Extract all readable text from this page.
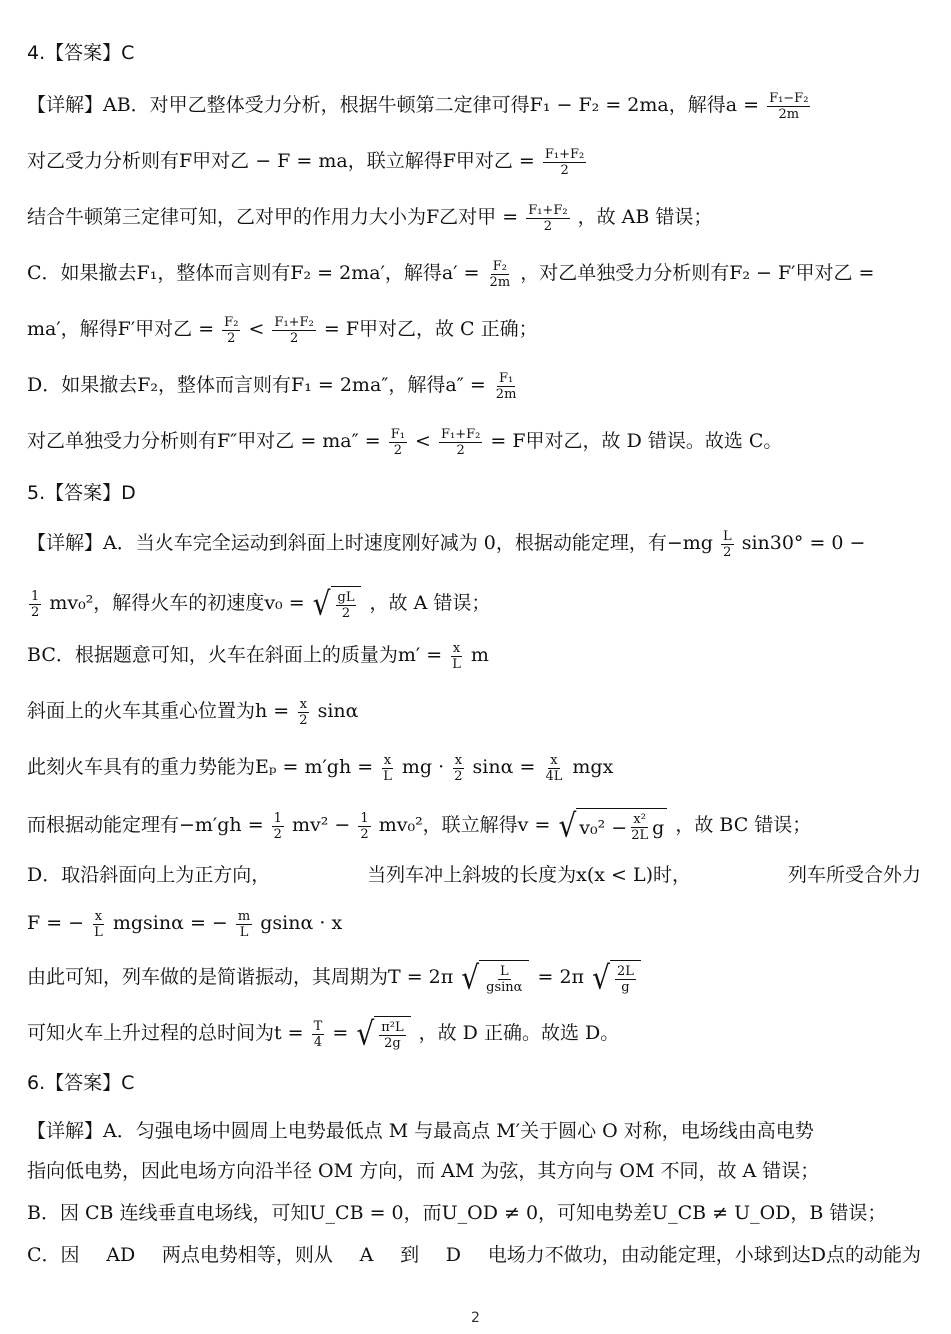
4.【答案】C
【详解】AB．对甲乙整体受力分析，根据牛顿第二定律可得F₁ − F₂ = 2ma，解得$a = \frac{\text{F₁−F₂}}{2m}$
对乙受力分析则有F甲对乙 − F = ma，联立解得F甲对乙 = $\frac{\text{F₁+F₂}}{2}$
结合牛顿第三定律可知，乙对甲的作用力大小为F乙对甲 = $\frac{\text{F₁+F₂}}{2}$ ，故 AB 错误；
C．如果撤去F₁，整体而言则有F₂ = 2ma′，解得$a' = \frac{\text{F₂}}{2m}$ ，对乙单独受力分析则有F₂ − F′甲对乙 =
ma′，解得F′甲对乙 = $\frac{\text{F₂}}{2} < \frac{\text{F₁+F₂}}{2} = F$甲对乙，故 C 正确；
D．如果撤去F₂，整体而言则有F₁ = 2ma″，解得$a'' = \frac{\text{F₁}}{2m}$
对乙单独受力分析则有F″甲对乙 = $ma'' = \frac{\text{F₁}}{2} < \frac{\text{F₁+F₂}}{2} = F$甲对乙，故 D 错误。故选 C。
5.【答案】D
【详解】A．当火车完全运动到斜面上时速度刚好减为 0，根据动能定理，有$-mg \frac{L}{2} \sin 30^\circ = 0$ −
$\frac{1}{2} mv_0^2$，解得火车的初速度v₀ = √ $\frac{gL}{2}$ ，故 A 错误；
BC．根据题意可知，火车在斜面上的质量为$m' = \frac{x}{L}$ m
斜面上的火车其重心位置为$h = \frac{x}{2}$ sinα
此刻火车具有的重力势能为$E_p = m'gh = \frac{x}{L}$ mg · $\frac{x}{2}$ $\sin\alpha = \frac{x}{4L}$ mgx
而根据动能定理有$-m'gh = \frac{1}{2} mv^2 - \frac{1}{2} mv_0^2$，联立解得v = √ $v_0^2 - \frac{\text{x²}}{2L}$ g ，故 BC 错误；
D．取沿斜面向上为正方向，	当列车冲上斜坡的长度为x(x < L)时，	列车所受合外力
F = − $\frac{x}{L}$ mgsinα = − $\frac{m}{L}$ gsinα · x
由此可知，列车做的是简谐振动，其周期为T = 2π √ $\frac{L}{gsin\alpha} = 2\pi$ √ $\frac{2L}{g}$
可知火车上升过程的总时间为$t = \frac{T}{4}$ = √ $\frac{\text{π²L}}{2g}$ ，故 D 正确。故选 D。
6.【答案】C
【详解】A．匀强电场中圆周上电势最低点 M 与最高点 M′关于圆心 O 对称，电场线由高电势
指向低电势，因此电场方向沿半径 OM 方向，而 AM 为弦，其方向与 OM 不同，故 A 错误；
B．因 CB 连线垂直电场线，可知U_CB = 0，而U_OD ≠ 0，可知电势差U_CB ≠ U_OD，B 错误；
C．因 AD 两点电势相等，则从 A 到 D 电场力不做功，由动能定理，小球到达D点的动能为
2
